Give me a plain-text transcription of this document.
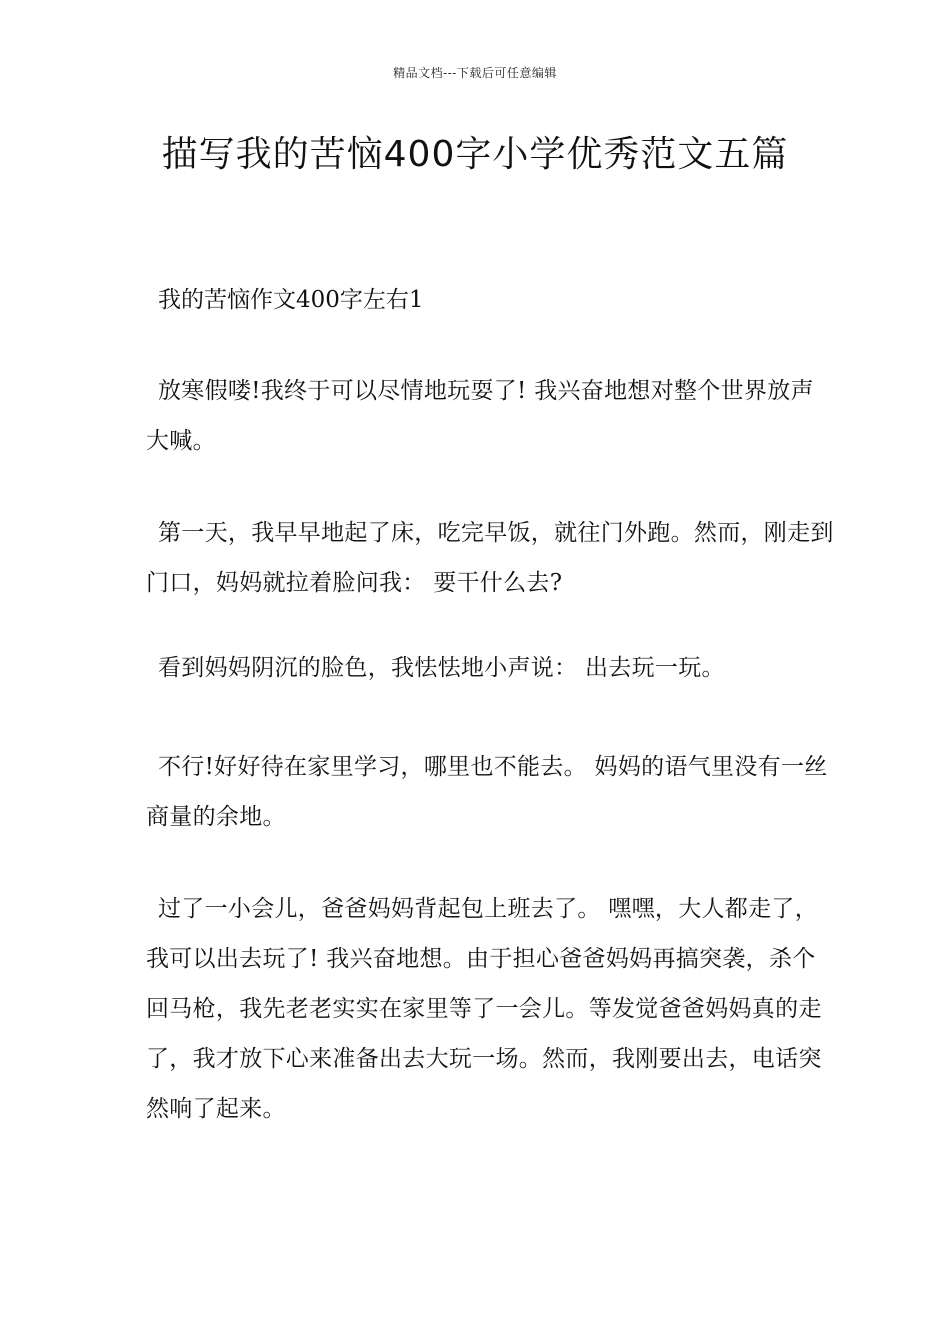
精品文档---下载后可任意编辑
描写我的苦恼400字小学优秀范文五篇

我的苦恼作文400字左右1

放寒假喽!我终于可以尽情地玩耍了! 我兴奋地想对整个世界放声大喊。

第一天，我早早地起了床，吃完早饭，就往门外跑。然而，刚走到门口，妈妈就拉着脸问我： 要干什么去?

看到妈妈阴沉的脸色，我怯怯地小声说： 出去玩一玩。

不行!好好待在家里学习，哪里也不能去。 妈妈的语气里没有一丝商量的余地。

过了一小会儿，爸爸妈妈背起包上班去了。 嘿嘿，大人都走了，我可以出去玩了! 我兴奋地想。由于担心爸爸妈妈再搞突袭，杀个回马枪，我先老老实实在家里等了一会儿。等发觉爸爸妈妈真的走了，我才放下心来准备出去大玩一场。然而，我刚要出去，电话突然响了起来。
